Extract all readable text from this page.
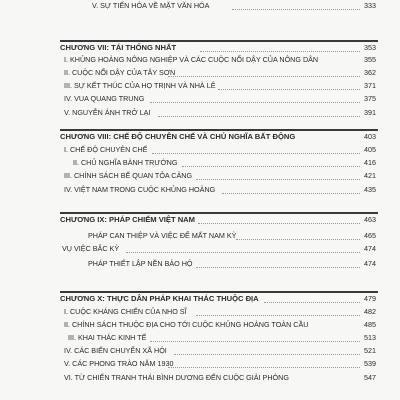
V. SỰ TIẾN HÓA VỀ MẶT VĂN HÓA	333
CHƯƠNG VII: TÁI THỐNG NHẤT	353
I. KHỦNG HOẢNG NÔNG NGHIỆP VÀ CÁC CUỘC NỔI DẬY CỦA NÔNG DÂN	355
II. CUỘC NỔI DẬY CỦA TÂY SƠN	362
III. SỰ KẾT THÚC CỦA HỌ TRỊNH VÀ NHÀ LÊ	371
IV. VUA QUANG TRUNG	375
V. NGUYỄN ÁNH TRỞ LẠI	391
CHƯƠNG VIII: CHẾ ĐỘ CHUYÊN CHẾ VÀ CHỦ NGHĨA BẤT ĐỘNG	403
I. CHẾ ĐỘ CHUYÊN CHẾ	405
II. CHỦ NGHĨA BÀNH TRƯỚNG	416
III. CHÍNH SÁCH BẾ QUAN TỎA CẢNG	421
IV. VIỆT NAM TRONG CUỘC KHỦNG HOẢNG	435
CHƯƠNG IX: PHÁP CHIẾM VIỆT NAM	463
PHÁP CAN THIỆP VÀ VIỆC ĐỂ MẤT NAM KỲ	465
VỤ VIỆC BẮC KỲ	474
PHÁP THIẾT LẬP NỀN BẢO HỘ	474
CHƯƠNG X: THỰC DÂN PHÁP KHAI THÁC THUỘC ĐỊA	479
I. CUỘC KHÁNG CHIẾN CỦA NHO SĨ	482
II. CHÍNH SÁCH THUỘC ĐỊA CHO TỚI CUỘC KHỦNG HOẢNG TOÀN CẦU	485
III. KHAI THÁC KINH TẾ	513
IV. CÁC BIẾN CHUYỂN XÃ HỘI	521
V. CÁC PHONG TRÀO NĂM 1930	539
VI. TỪ CHIẾN TRANH THÁI BÌNH DƯƠNG ĐẾN CUỘC GIẢI PHÓNG	547
